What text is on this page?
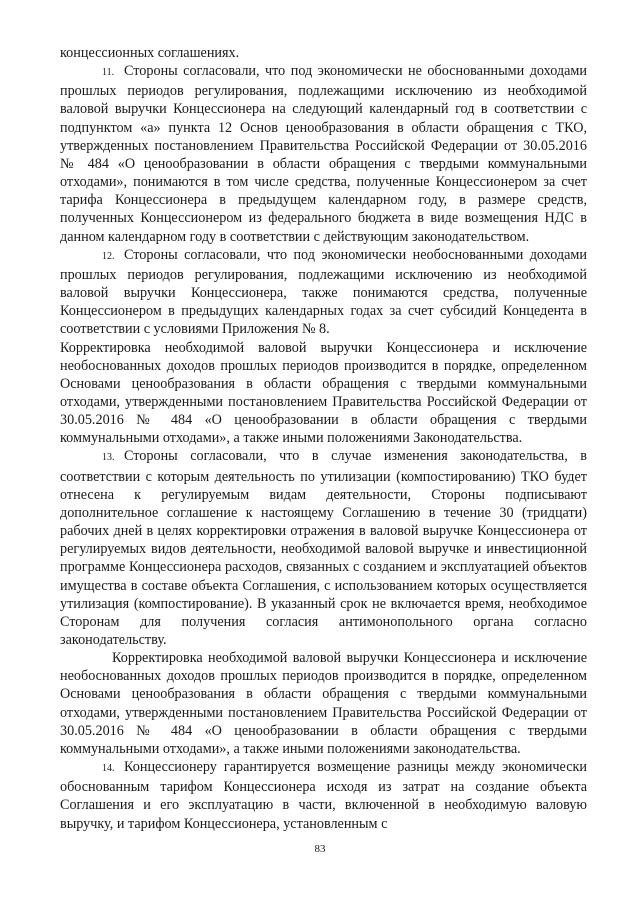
концессионных соглашениях.

11. Стороны согласовали, что под экономически не обоснованными доходами прошлых периодов регулирования, подлежащими исключению из необходимой валовой выручки Концессионера на следующий календарный год в соответствии с подпунктом «а» пункта 12 Основ ценообразования в области обращения с ТКО, утвержденных постановлением Правительства Российской Федерации от 30.05.2016 № 484 «О ценообразовании в области обращения с твердыми коммунальными отходами», понимаются в том числе средства, полученные Концессионером за счет тарифа Концессионера в предыдущем календарном году, в размере средств, полученных Концессионером из федерального бюджета в виде возмещения НДС в данном календарном году в соответствии с действующим законодательством.

12. Стороны согласовали, что под экономически необоснованными доходами прошлых периодов регулирования, подлежащими исключению из необходимой валовой выручки Концессионера, также понимаются средства, полученные Концессионером в предыдущих календарных годах за счет субсидий Концедента в соответствии с условиями Приложения № 8.

Корректировка необходимой валовой выручки Концессионера и исключение необоснованных доходов прошлых периодов производится в порядке, определенном Основами ценообразования в области обращения с твердыми коммунальными отходами, утвержденными постановлением Правительства Российской Федерации от 30.05.2016 № 484 «О ценообразовании в области обращения с твердыми коммунальными отходами», а также иными положениями Законодательства.

13. Стороны согласовали, что в случае изменения законодательства, в соответствии с которым деятельность по утилизации (компостированию) ТКО будет отнесена к регулируемым видам деятельности, Стороны подписывают дополнительное соглашение к настоящему Соглашению в течение 30 (тридцати) рабочих дней в целях корректировки отражения в валовой выручке Концессионера от регулируемых видов деятельности, необходимой валовой выручке и инвестиционной программе Концессионера расходов, связанных с созданием и эксплуатацией объектов имущества в составе объекта Соглашения, с использованием которых осуществляется утилизация (компостирование). В указанный срок не включается время, необходимое Сторонам для получения согласия антимонопольного органа согласно законодательству.

Корректировка необходимой валовой выручки Концессионера и исключение необоснованных доходов прошлых периодов производится в порядке, определенном Основами ценообразования в области обращения с твердыми коммунальными отходами, утвержденными постановлением Правительства Российской Федерации от 30.05.2016 № 484 «О ценообразовании в области обращения с твердыми коммунальными отходами», а также иными положениями законодательства.

14. Концессионеру гарантируется возмещение разницы между экономически обоснованным тарифом Концессионера исходя из затрат на создание объекта Соглашения и его эксплуатацию в части, включенной в необходимую валовую выручку, и тарифом Концессионера, установленным с

83
